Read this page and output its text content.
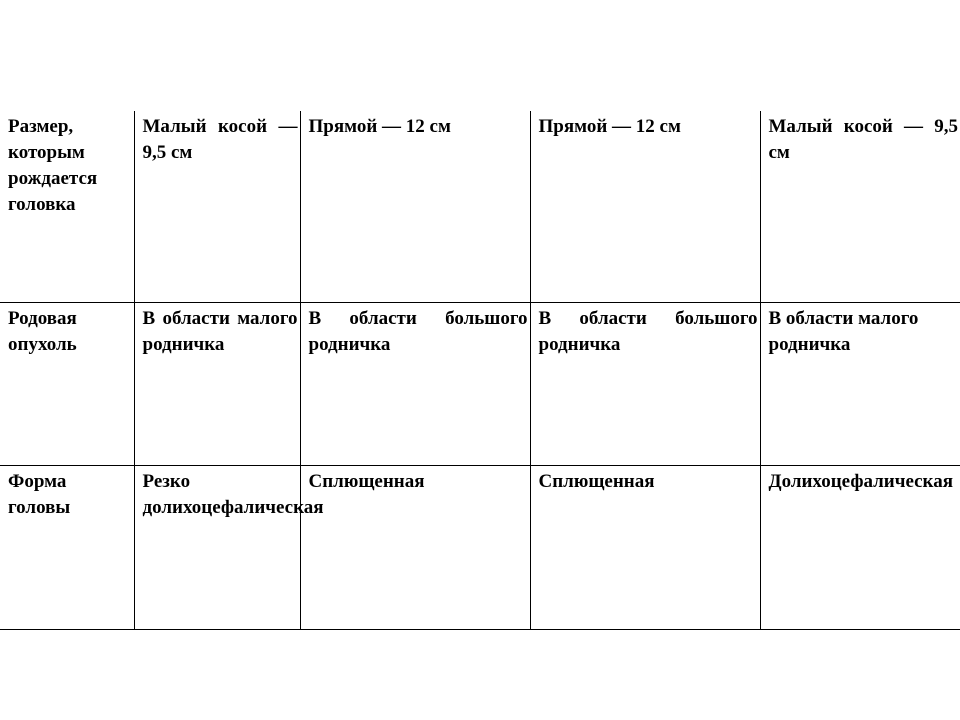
Размер, которым рождается головка	Малый косой — 9,5 см	Прямой — 12 см	Прямой — 12 см	Малый косой — 9,5 см
Родовая опухоль	В области малого родничка	В области большого родничка	В области большого родничка	В области малого родничка
Форма головы	Резко долихоцефалическая	Сплющенная	Сплющенная	Долихоцефалическая
